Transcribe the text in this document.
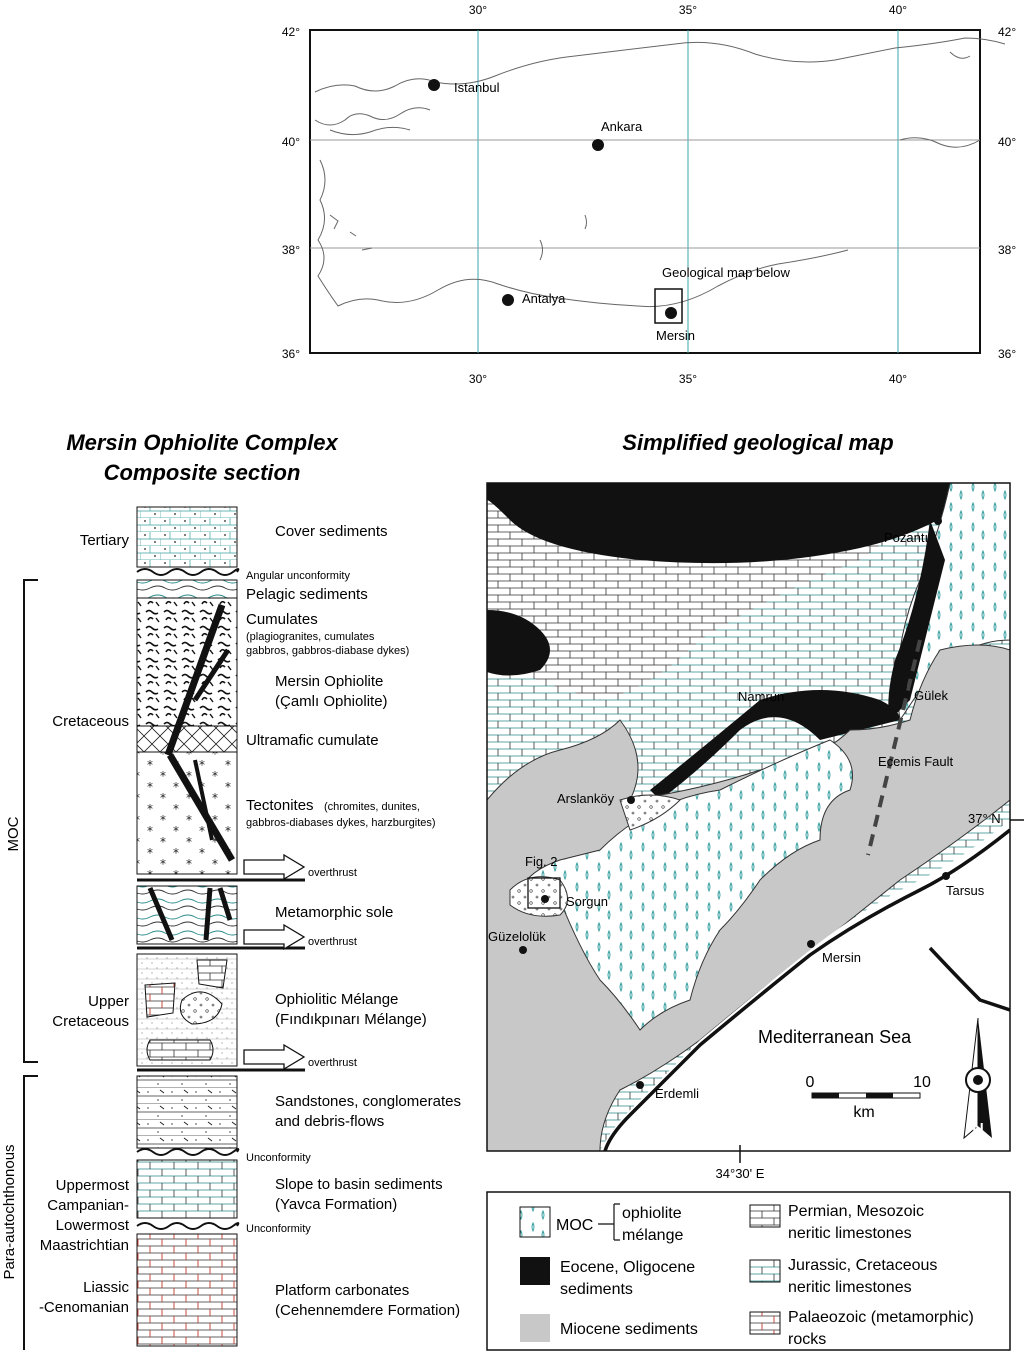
42°
40°
38°
36°
42°
40°
38°
36°
30°	35°	40°
30°	35°	40°
Istanbul
Ankara
Antalya
Mersin
Geological map below
Mersin Ophiolite Complex
Composite section
MOC
Para-autochthonous
Tertiary
Cretaceous
Upper
Cretaceous
Uppermost
Campanian-
Lowermost
Maastrichtian
Liassic
-Cenomanian
Cover sediments
Angular unconformity
Pelagic sediments
Cumulates
(plagiogranites, cumulates
gabbros, gabbros-diabase dykes)
Mersin Ophiolite
(Çamlı Ophiolite)
Ultramafic cumulate
Tectonites (chromites, dunites,
gabbros-diabases dykes, harzburgites)
overthrust
Metamorphic sole
overthrust
Ophiolitic Mélange
(Fındıkpınarı Mélange)
overthrust
Sandstones, conglomerates
and debris-flows
Unconformity
Slope to basin sediments
(Yavca Formation)
Unconformity
Platform carbonates
(Cehennemdere Formation)
Simplified geological map
Pozantı
Gülek
Namrun
Ecemis Fault
Arslanköy
Fig. 2
Sorgun
Güzelolük
Tarsus
Mersin
Erdemli
Mediterranean Sea
37° N
34°30' E
0	10
km
N
MOC
ophiolite
mélange
Eocene, Oligocene
sediments
Miocene sediments
Permian, Mesozoic
neritic limestones
Jurassic, Cretaceous
neritic limestones
Palaeozoic (metamorphic)
rocks
